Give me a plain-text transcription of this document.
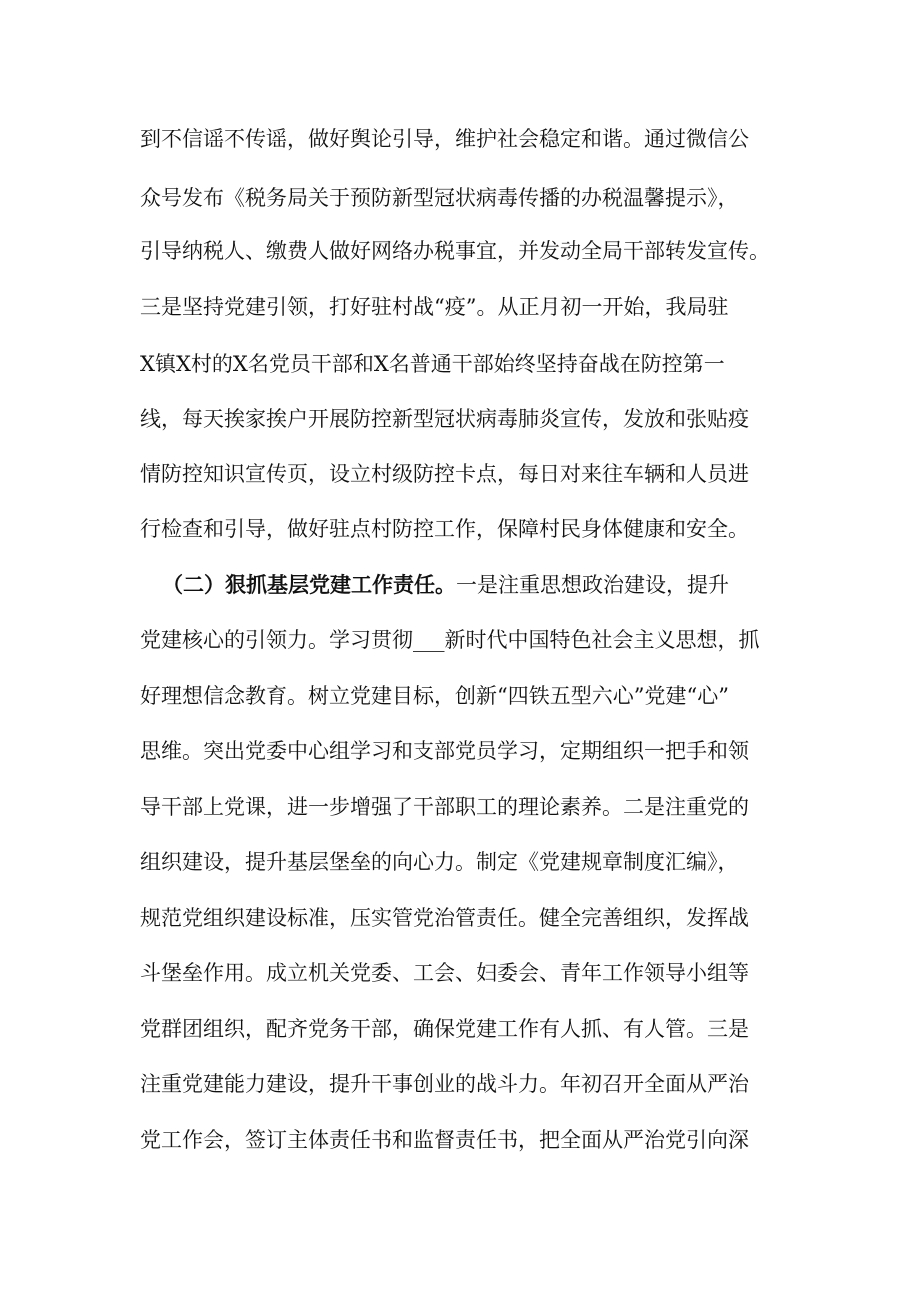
到不信谣不传谣，做好舆论引导，维护社会稳定和谐。通过微信公

众号发布《税务局关于预防新型冠状病毒传播的办税温馨提示》，

引导纳税人、缴费人做好网络办税事宜，并发动全局干部转发宣传。

三是坚持党建引领，打好驻村战“疫”。从正月初一开始，我局驻

X镇X村的X名党员干部和X名普通干部始终坚持奋战在防控第一

线，每天挨家挨户开展防控新型冠状病毒肺炎宣传，发放和张贴疫

情防控知识宣传页，设立村级防控卡点，每日对来往车辆和人员进

行检查和引导，做好驻点村防控工作，保障村民身体健康和安全。

（二）狠抓基层党建工作责任。一是注重思想政治建设，提升

党建核心的引领力。学习贯彻___新时代中国特色社会主义思想，抓

好理想信念教育。树立党建目标，创新“四铁五型六心”党建“心”

思维。突出党委中心组学习和支部党员学习，定期组织一把手和领

导干部上党课，进一步增强了干部职工的理论素养。二是注重党的

组织建设，提升基层堡垒的向心力。制定《党建规章制度汇编》，

规范党组织建设标准，压实管党治管责任。健全完善组织，发挥战

斗堡垒作用。成立机关党委、工会、妇委会、青年工作领导小组等

党群团组织，配齐党务干部，确保党建工作有人抓、有人管。三是

注重党建能力建设，提升干事创业的战斗力。年初召开全面从严治

党工作会，签订主体责任书和监督责任书，把全面从严治党引向深
